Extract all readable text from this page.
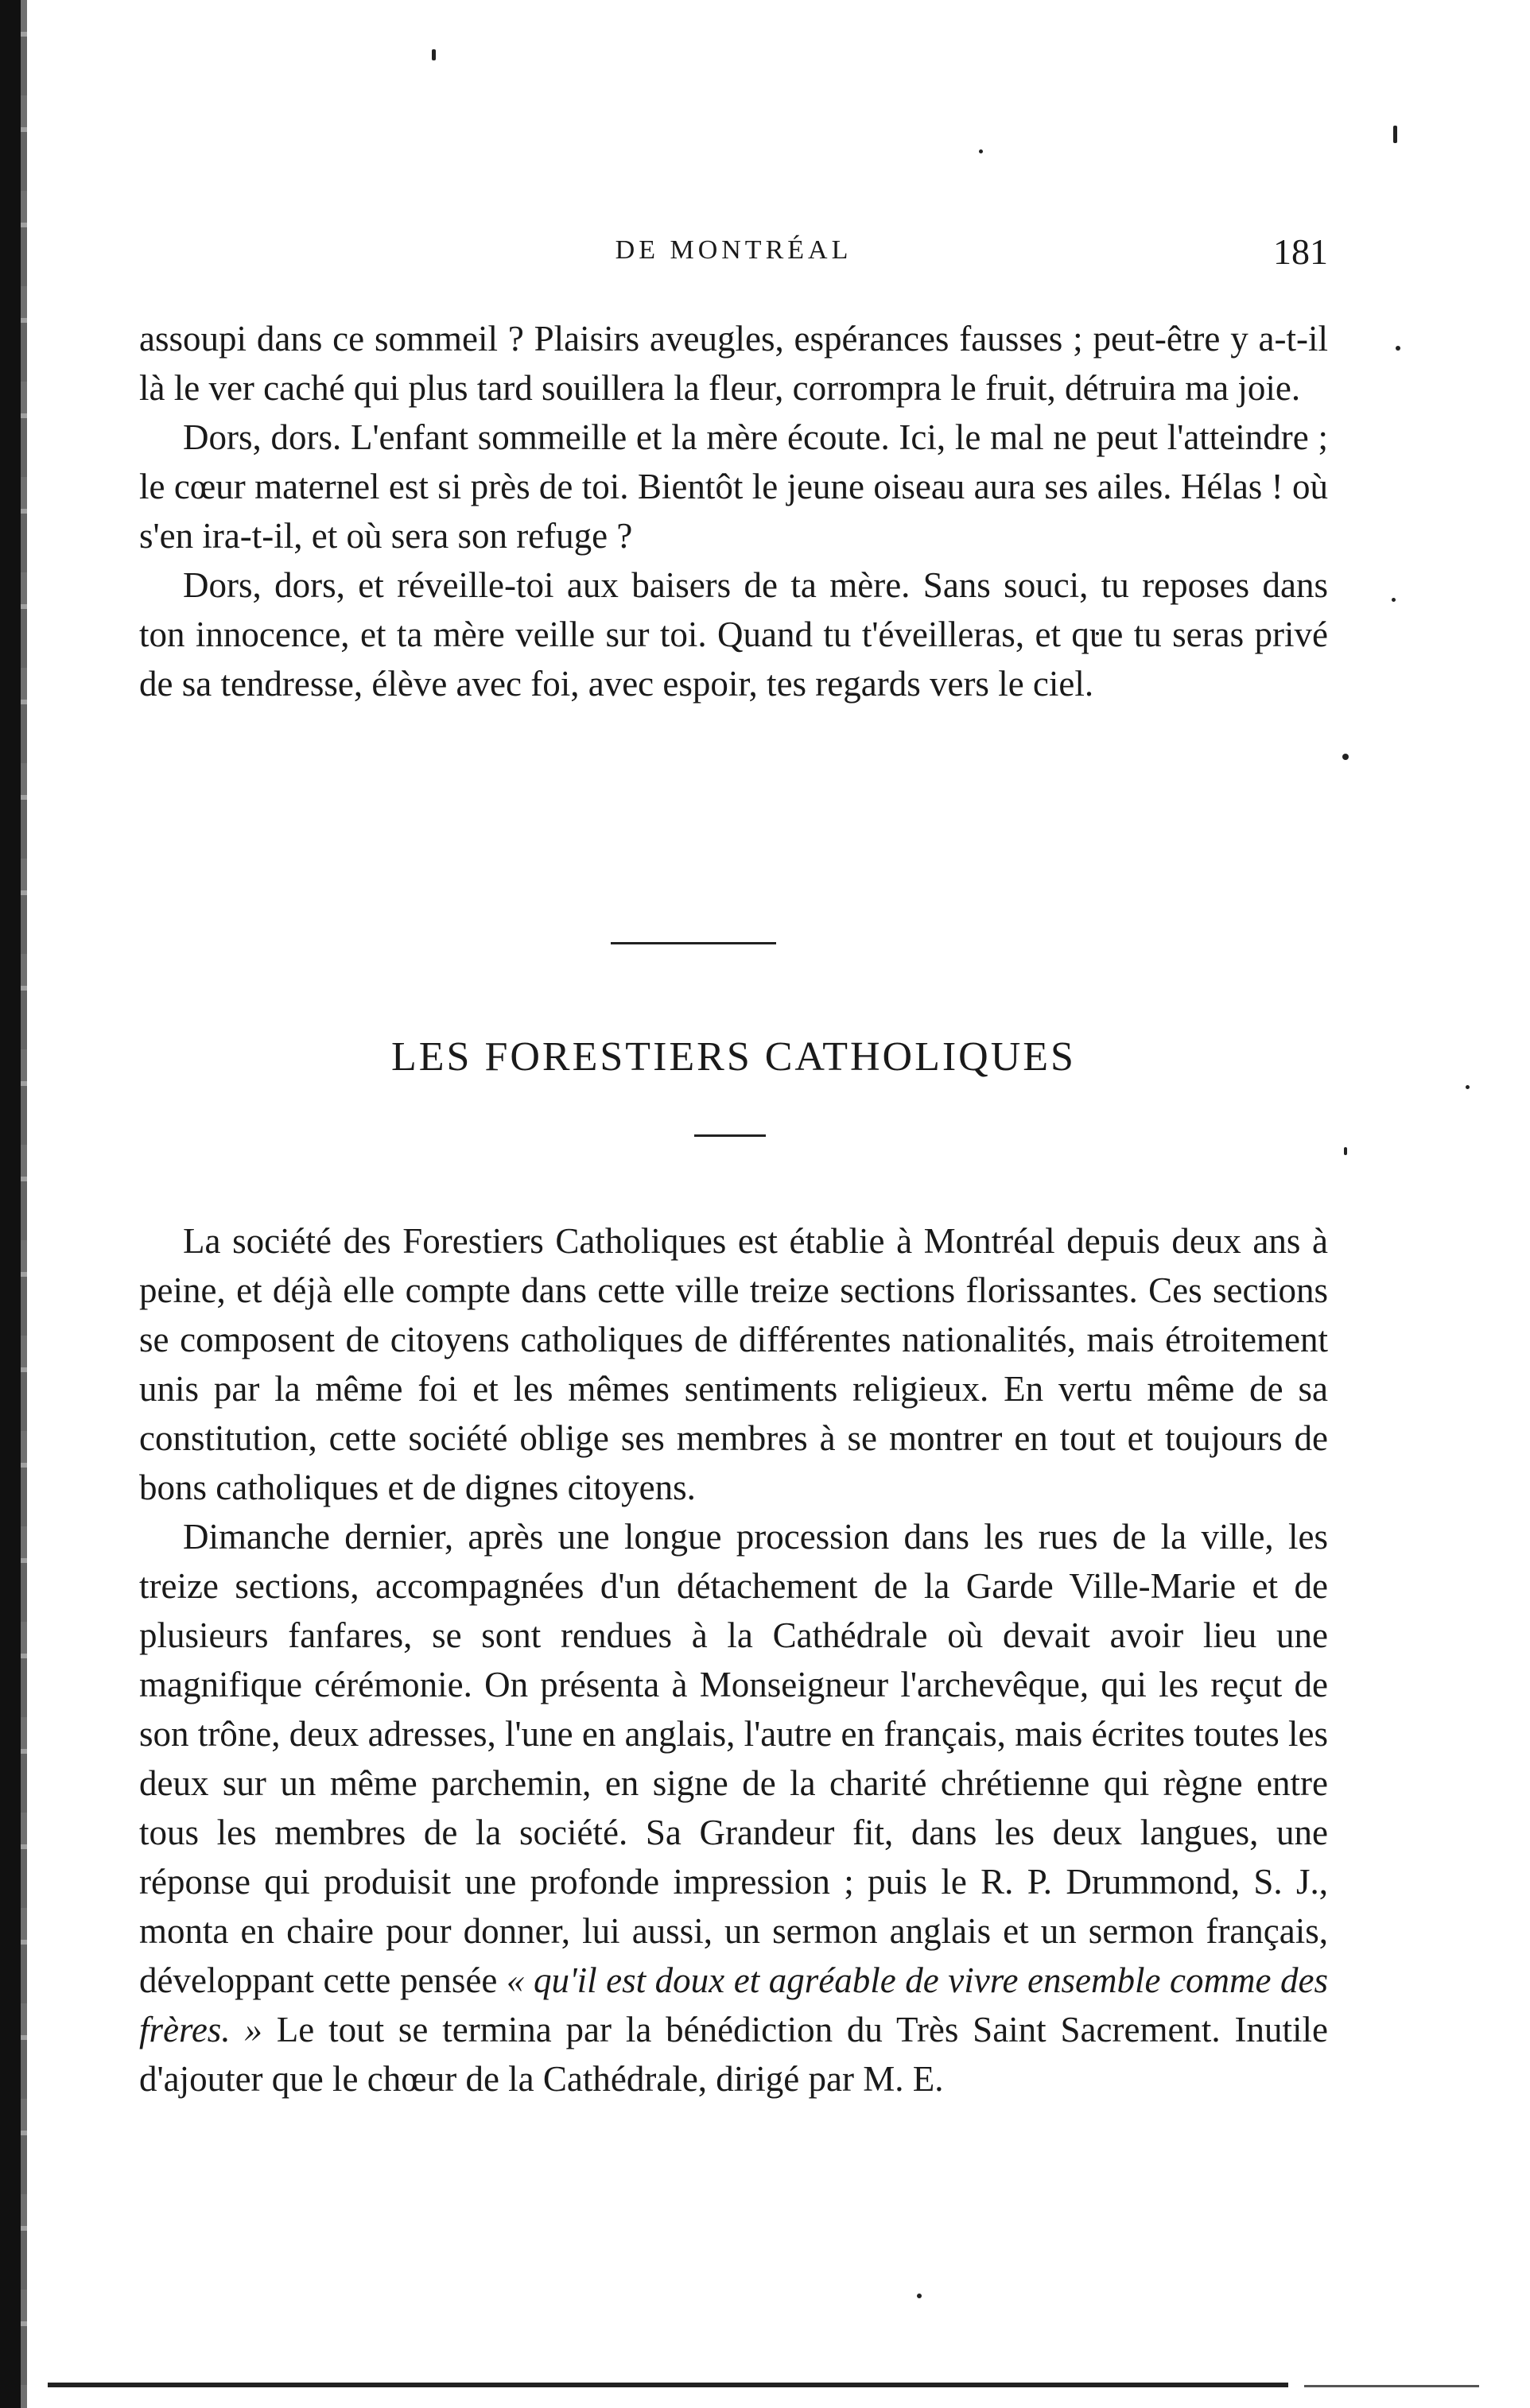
DE MONTRÉAL	181

assoupi dans ce sommeil ? Plaisirs aveugles, espérances fausses ; peut-être y a-t-il là le ver caché qui plus tard souillera la fleur, corrompra le fruit, détruira ma joie.

Dors, dors. L'enfant sommeille et la mère écoute. Ici, le mal ne peut l'atteindre ; le cœur maternel est si près de toi. Bientôt le jeune oiseau aura ses ailes. Hélas ! où s'en ira-t-il, et où sera son refuge ?

Dors, dors, et réveille-toi aux baisers de ta mère. Sans souci, tu reposes dans ton innocence, et ta mère veille sur toi. Quand tu t'éveilleras, et que tu seras privé de sa tendresse, élève avec foi, avec espoir, tes regards vers le ciel.

LES FORESTIERS CATHOLIQUES

La société des Forestiers Catholiques est établie à Montréal depuis deux ans à peine, et déjà elle compte dans cette ville treize sections florissantes. Ces sections se composent de citoyens catholiques de différentes nationalités, mais étroitement unis par la même foi et les mêmes sentiments religieux. En vertu même de sa constitution, cette société oblige ses membres à se montrer en tout et toujours de bons catholiques et de dignes citoyens.

Dimanche dernier, après une longue procession dans les rues de la ville, les treize sections, accompagnées d'un détachement de la Garde Ville-Marie et de plusieurs fanfares, se sont rendues à la Cathédrale où devait avoir lieu une magnifique cérémonie. On présenta à Monseigneur l'archevêque, qui les reçut de son trône, deux adresses, l'une en anglais, l'autre en français, mais écrites toutes les deux sur un même parchemin, en signe de la charité chrétienne qui règne entre tous les membres de la société. Sa Grandeur fit, dans les deux langues, une réponse qui produisit une profonde impression ; puis le R. P. Drummond, S. J., monta en chaire pour donner, lui aussi, un sermon anglais et un sermon français, développant cette pensée « qu'il est doux et agréable de vivre ensemble comme des frères. » Le tout se termina par la bénédiction du Très Saint Sacrement. Inutile d'ajouter que le chœur de la Cathédrale, dirigé par M. E.
